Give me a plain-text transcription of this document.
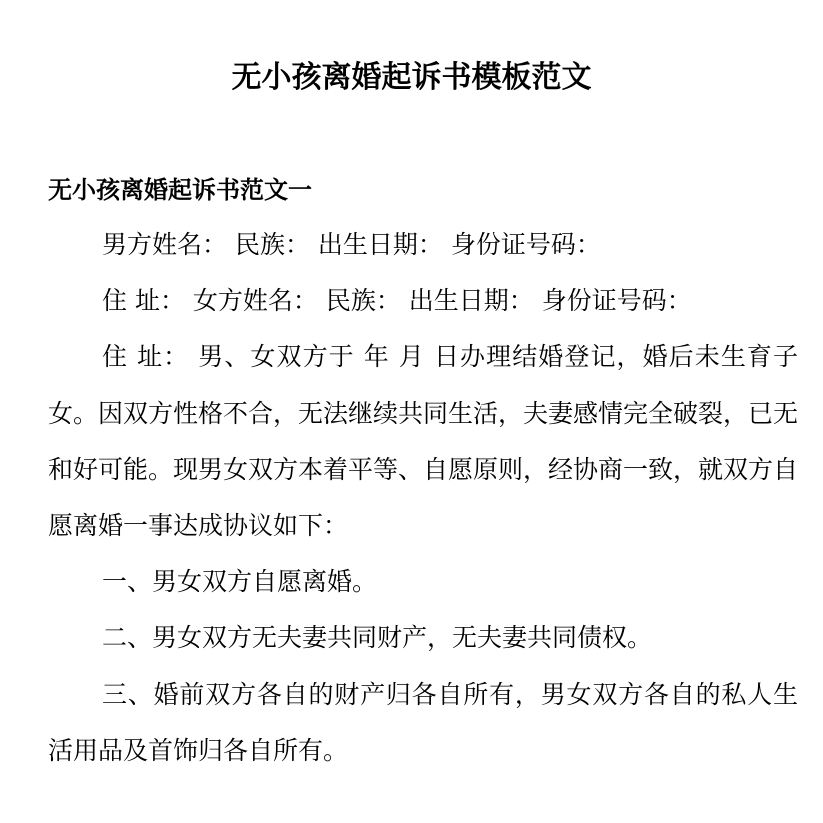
无小孩离婚起诉书模板范文
无小孩离婚起诉书范文一

男方姓名： 民族： 出生日期： 身份证号码：

住 址： 女方姓名： 民族： 出生日期： 身份证号码：

住 址： 男、女双方于 年 月 日办理结婚登记，婚后未生育子女。因双方性格不合，无法继续共同生活，夫妻感情完全破裂，已无和好可能。现男女双方本着平等、自愿原则，经协商一致，就双方自愿离婚一事达成协议如下：

一、男女双方自愿离婚。

二、男女双方无夫妻共同财产，无夫妻共同债权。

三、婚前双方各自的财产归各自所有，男女双方各自的私人生活用品及首饰归各自所有。
